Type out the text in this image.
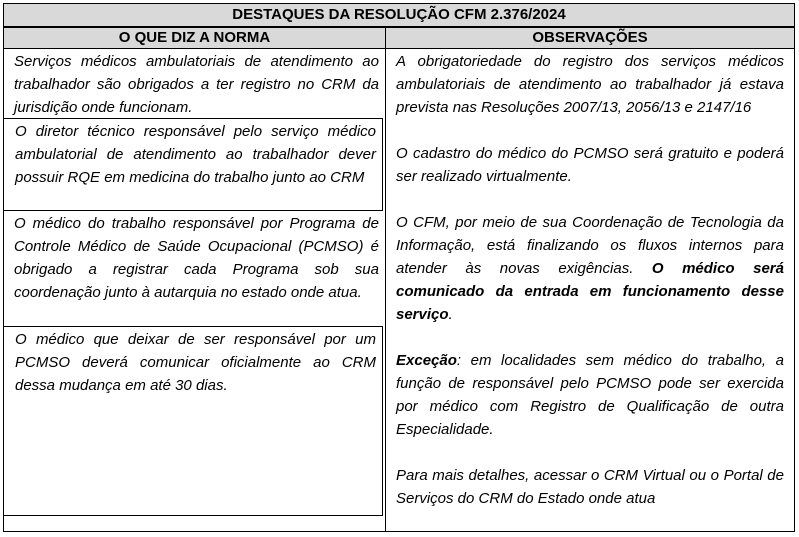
DESTAQUES DA RESOLUÇÃO CFM 2.376/2024
O QUE DIZ A NORMA	OBSERVAÇÕES
Serviços médicos ambulatoriais de atendimento ao trabalhador são obrigados a ter registro no CRM da jurisdição onde funcionam.
O diretor técnico responsável pelo serviço médico ambulatorial de atendimento ao trabalhador dever possuir RQE em medicina do trabalho junto ao CRM
O médico do trabalho responsável por Programa de Controle Médico de Saúde Ocupacional (PCMSO) é obrigado a registrar cada Programa sob sua coordenação junto à autarquia no estado onde atua.
O médico que deixar de ser responsável por um PCMSO deverá comunicar oficialmente ao CRM dessa mudança em até 30 dias.

A obrigatoriedade do registro dos serviços médicos ambulatoriais de atendimento ao trabalhador já estava prevista nas Resoluções 2007/13, 2056/13 e 2147/16

O cadastro do médico do PCMSO será gratuito e poderá ser realizado virtualmente.

O CFM, por meio de sua Coordenação de Tecnologia da Informação, está finalizando os fluxos internos para atender às novas exigências. O médico será comunicado da entrada em funcionamento desse serviço.

Exceção: em localidades sem médico do trabalho, a função de responsável pelo PCMSO pode ser exercida por médico com Registro de Qualificação de outra Especialidade.

Para mais detalhes, acessar o CRM Virtual ou o Portal de Serviços do CRM do Estado onde atua
